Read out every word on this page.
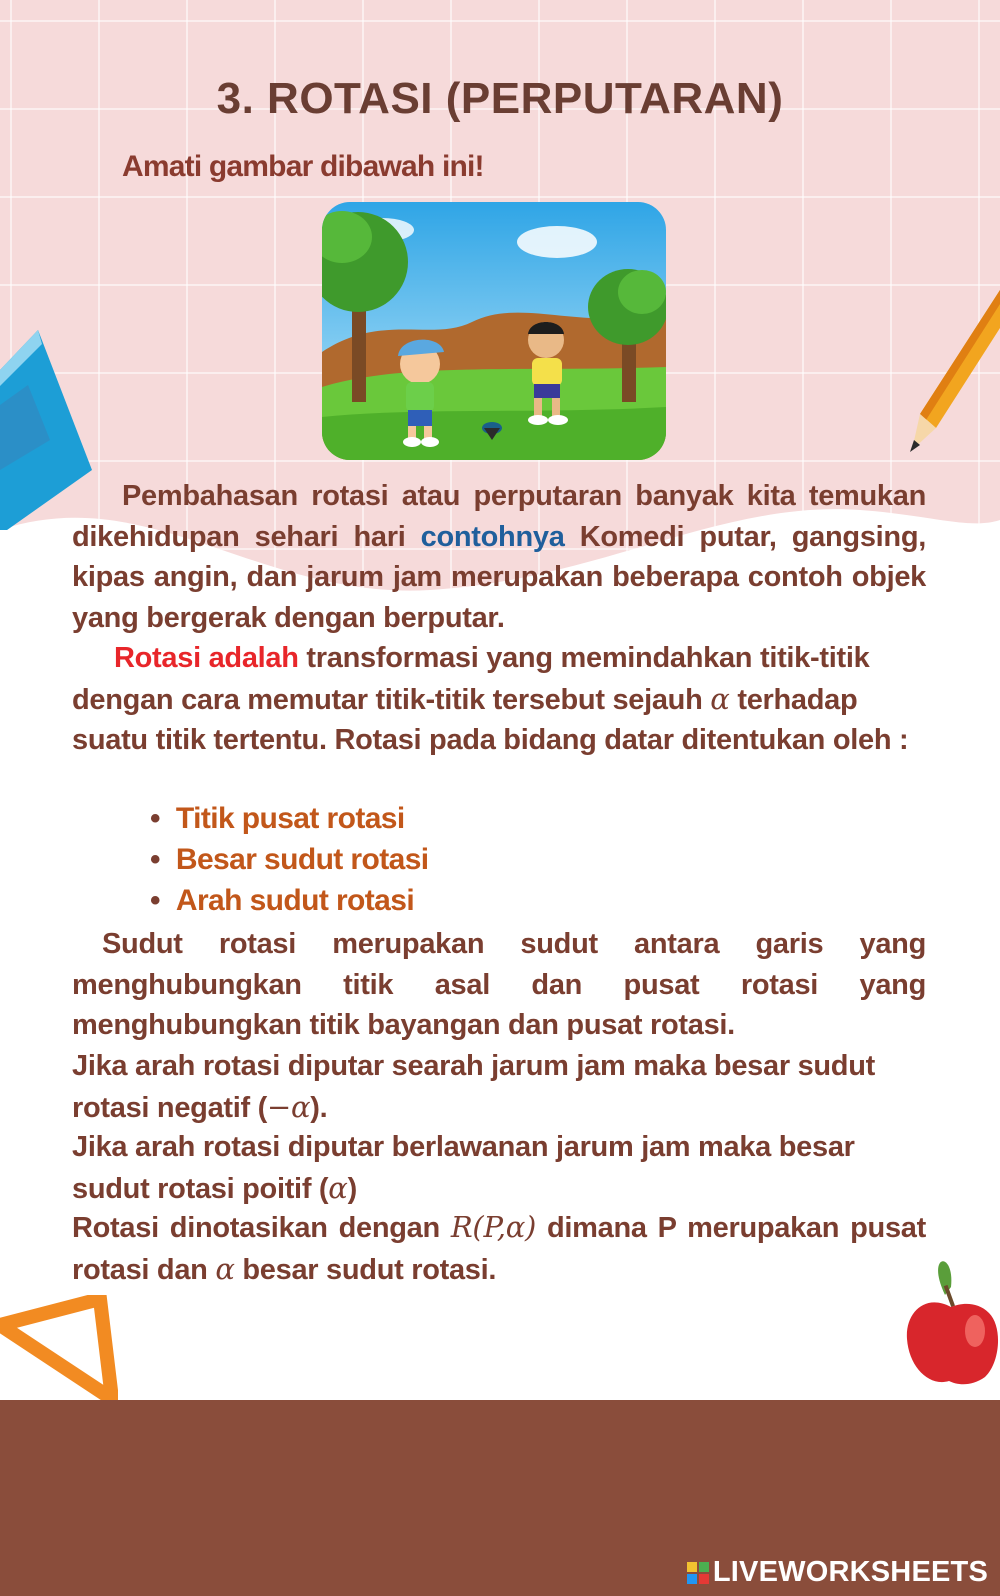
3. ROTASI (PERPUTARAN)
Amati gambar dibawah ini!
Pembahasan rotasi atau perputaran banyak kita temukan dikehidupan sehari hari contohnya Komedi putar, gangsing, kipas angin, dan jarum jam merupakan beberapa contoh objek yang bergerak dengan berputar.
Rotasi adalah transformasi yang memindahkan titik-titik dengan cara memutar titik-titik tersebut sejauh α terhadap suatu titik tertentu. Rotasi pada bidang datar ditentukan oleh :
• Titik pusat rotasi
• Besar sudut rotasi
• Arah sudut rotasi
Sudut rotasi merupakan sudut antara garis yang menghubungkan titik asal dan pusat rotasi yang menghubungkan titik bayangan dan pusat rotasi.
Jika arah rotasi diputar searah jarum jam maka besar sudut rotasi negatif (−α).
Jika arah rotasi diputar berlawanan jarum jam maka besar sudut rotasi poitif (α)
Rotasi dinotasikan dengan R(P,α) dimana P merupakan pusat rotasi dan α besar sudut rotasi.
LIVEWORKSHEETS
